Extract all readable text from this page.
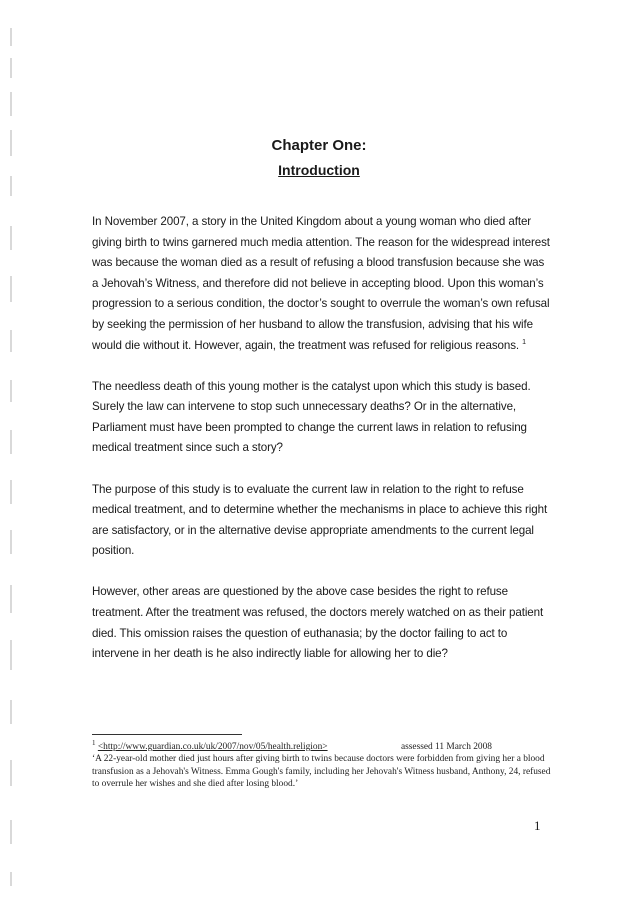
Chapter One:
Introduction

In November 2007, a story in the United Kingdom about a young woman who died after giving birth to twins garnered much media attention. The reason for the widespread interest was because the woman died as a result of refusing a blood transfusion because she was a Jehovah’s Witness, and therefore did not believe in accepting blood. Upon this woman’s progression to a serious condition, the doctor’s sought to overrule the woman’s own refusal by seeking the permission of her husband to allow the transfusion, advising that his wife would die without it. However, again, the treatment was refused for religious reasons. $^1$

The needless death of this young mother is the catalyst upon which this study is based. Surely the law can intervene to stop such unnecessary deaths? Or in the alternative, Parliament must have been prompted to change the current laws in relation to refusing medical treatment since such a story?

The purpose of this study is to evaluate the current law in relation to the right to refuse medical treatment, and to determine whether the mechanisms in place to achieve this right are satisfactory, or in the alternative devise appropriate amendments to the current legal position.

However, other areas are questioned by the above case besides the right to refuse treatment. After the treatment was refused, the doctors merely watched on as their patient died. This omission raises the question of euthanasia; by the doctor failing to act to intervene in her death is he also indirectly liable for allowing her to die?

$^1$ <http://www.guardian.co.uk/uk/2007/nov/05/health.religion>	assessed 11 March 2008
‘A 22-year-old mother died just hours after giving birth to twins because doctors were forbidden from giving her a blood transfusion as a Jehovah's Witness. Emma Gough's family, including her Jehovah's Witness husband, Anthony, 24, refused to overrule her wishes and she died after losing blood.’
1
